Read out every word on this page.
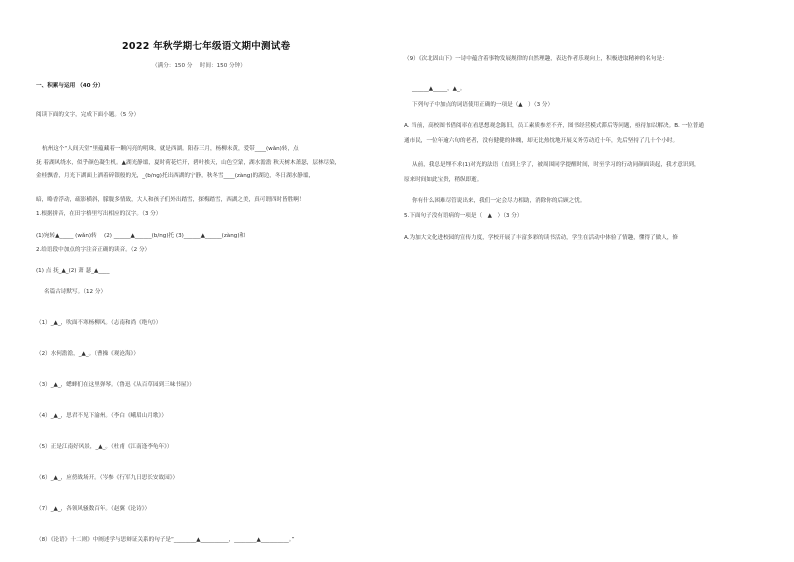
2022 年秋学期七年级语文期中测试卷
（满分：150 分　 时间：150 分钟）
一、积累与运用 （40 分）
阅读下面的文字，完成下面小题。（5 分）
杭州这个“人间天堂”里蕴藏着一颗闪亮的明珠，就是西湖。阳春三月，杨柳未黄，爱带____(wǎn)转，点
抚 着湖风绕水，似乎颜色凝生机。▲湖光静谧，夏时荷花烂开，碧叶挨天，山色空蒙，湖水澹澹 秋天树木萧瑟，层林尽染，
金桂飘香，月光下湖面上洒着碎银般的光，_(b/ng)托出西湖的宁静，秋冬雪____(zàng)的湖边，冬日湖水静谧，
暗，略香浮动，疏影横斜，朦胧多情致，大人和孩子们外出踏雪，探梅踏雪，西湖之美，真可谓四时皆胜啊！
1.根据拼音，在田字格里写出相应的汉字。（3 分）
(1)宛转▲_____ (wǎn)转　 (2) ______▲______(b/ng)托 (3)______▲______(zàng)和
2.给语段中加点的字注音正确的读音。（2 分）
(1) 点 抚_▲_(2) 萧 瑟_▲____
名篇古诗默写。（12 分）
（1）_▲_，吹面不寒杨柳风。（志南和尚《绝句》）
（2）水何澹澹，_▲_。（曹操《观沧海》）
（3）_▲_，蟋蟀们在这里弹琴。（鲁迅《从百草园到三味书屋》）
（4）_▲_，思君不见下渝州。（李白《峨眉山月歌》）
（5）正是江南好风景，_▲_。（杜甫《江南逢李龟年》）
（6）_▲_，应傍战场开。（岑参《行军九日思长安故园》）
（7）_▲_，各领风骚数百年。（赵翼《论诗》）
（8）《论语》十二则》中阐述学与思辩证关系的句子是“________▲__________，________▲__________。”
（9）《次北固山下》一诗中蕴含着事物发展规律的自然理趣，表达作者乐观向上，积极进取精神的名句是：
______▲_____，▲_。
下列句子中加点的词语使用正确的一项是（▲　）（3 分）
A. 当前，高校图书借阅率在看思想观念陈旧，员工素质参差不齐，图书经营模式滞后等问题，亟待加以解决。B. 一位普通
通市民，一位年逾六旬的老者，没有健健的体魄，却无比热忱地开展义务劳动近十年，先后坚持了几十个小时。
从前，我总是埋不求(1)对光的法语（直到上学了，被周围同学提醒时间，时至学习的行动同颜面读起，我才意识到，
原来时间如此宝贵，稍纵即逝。
你有什么困难尽管说出来，我们一定会尽力相助，消除你的后顾之忧。
5.下面句子没有语病的一项是（　▲　）（3 分）
A.为加大文化进校园的宣传力度，学校开展了丰富多彩的读书活动，学生在活动中体验了情趣，懂得了做人，修
